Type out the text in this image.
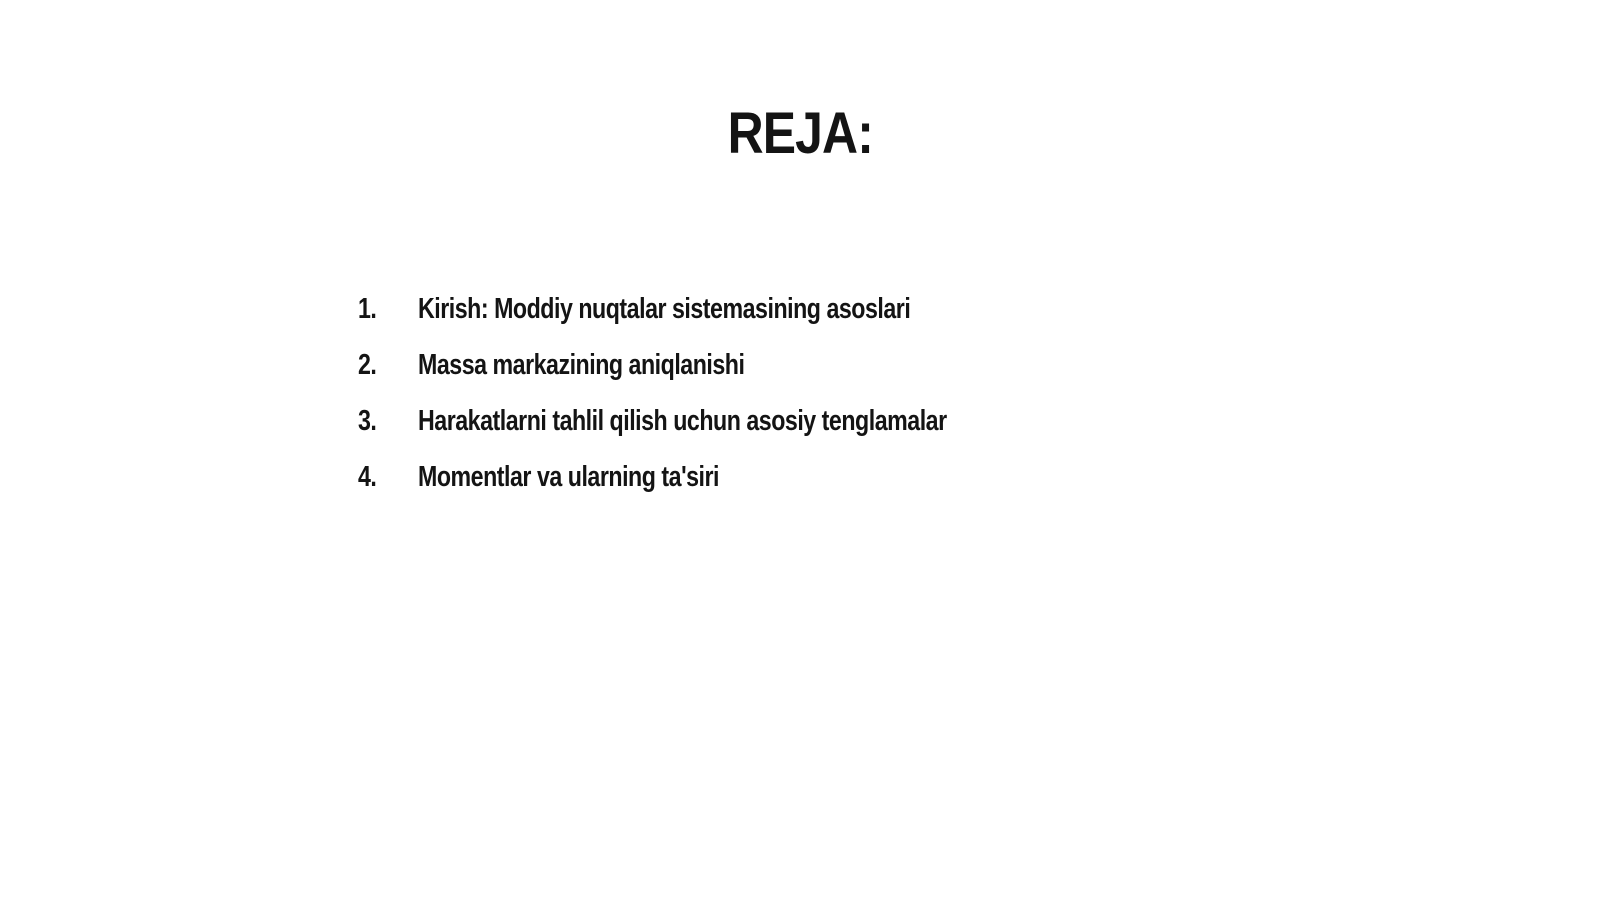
REJA:
1.	Kirish: Moddiy nuqtalar sistemasining asoslari
2.	Massa markazining aniqlanishi
3.	Harakatlarni tahlil qilish uchun asosiy tenglamalar
4.	Momentlar va ularning ta'siri
